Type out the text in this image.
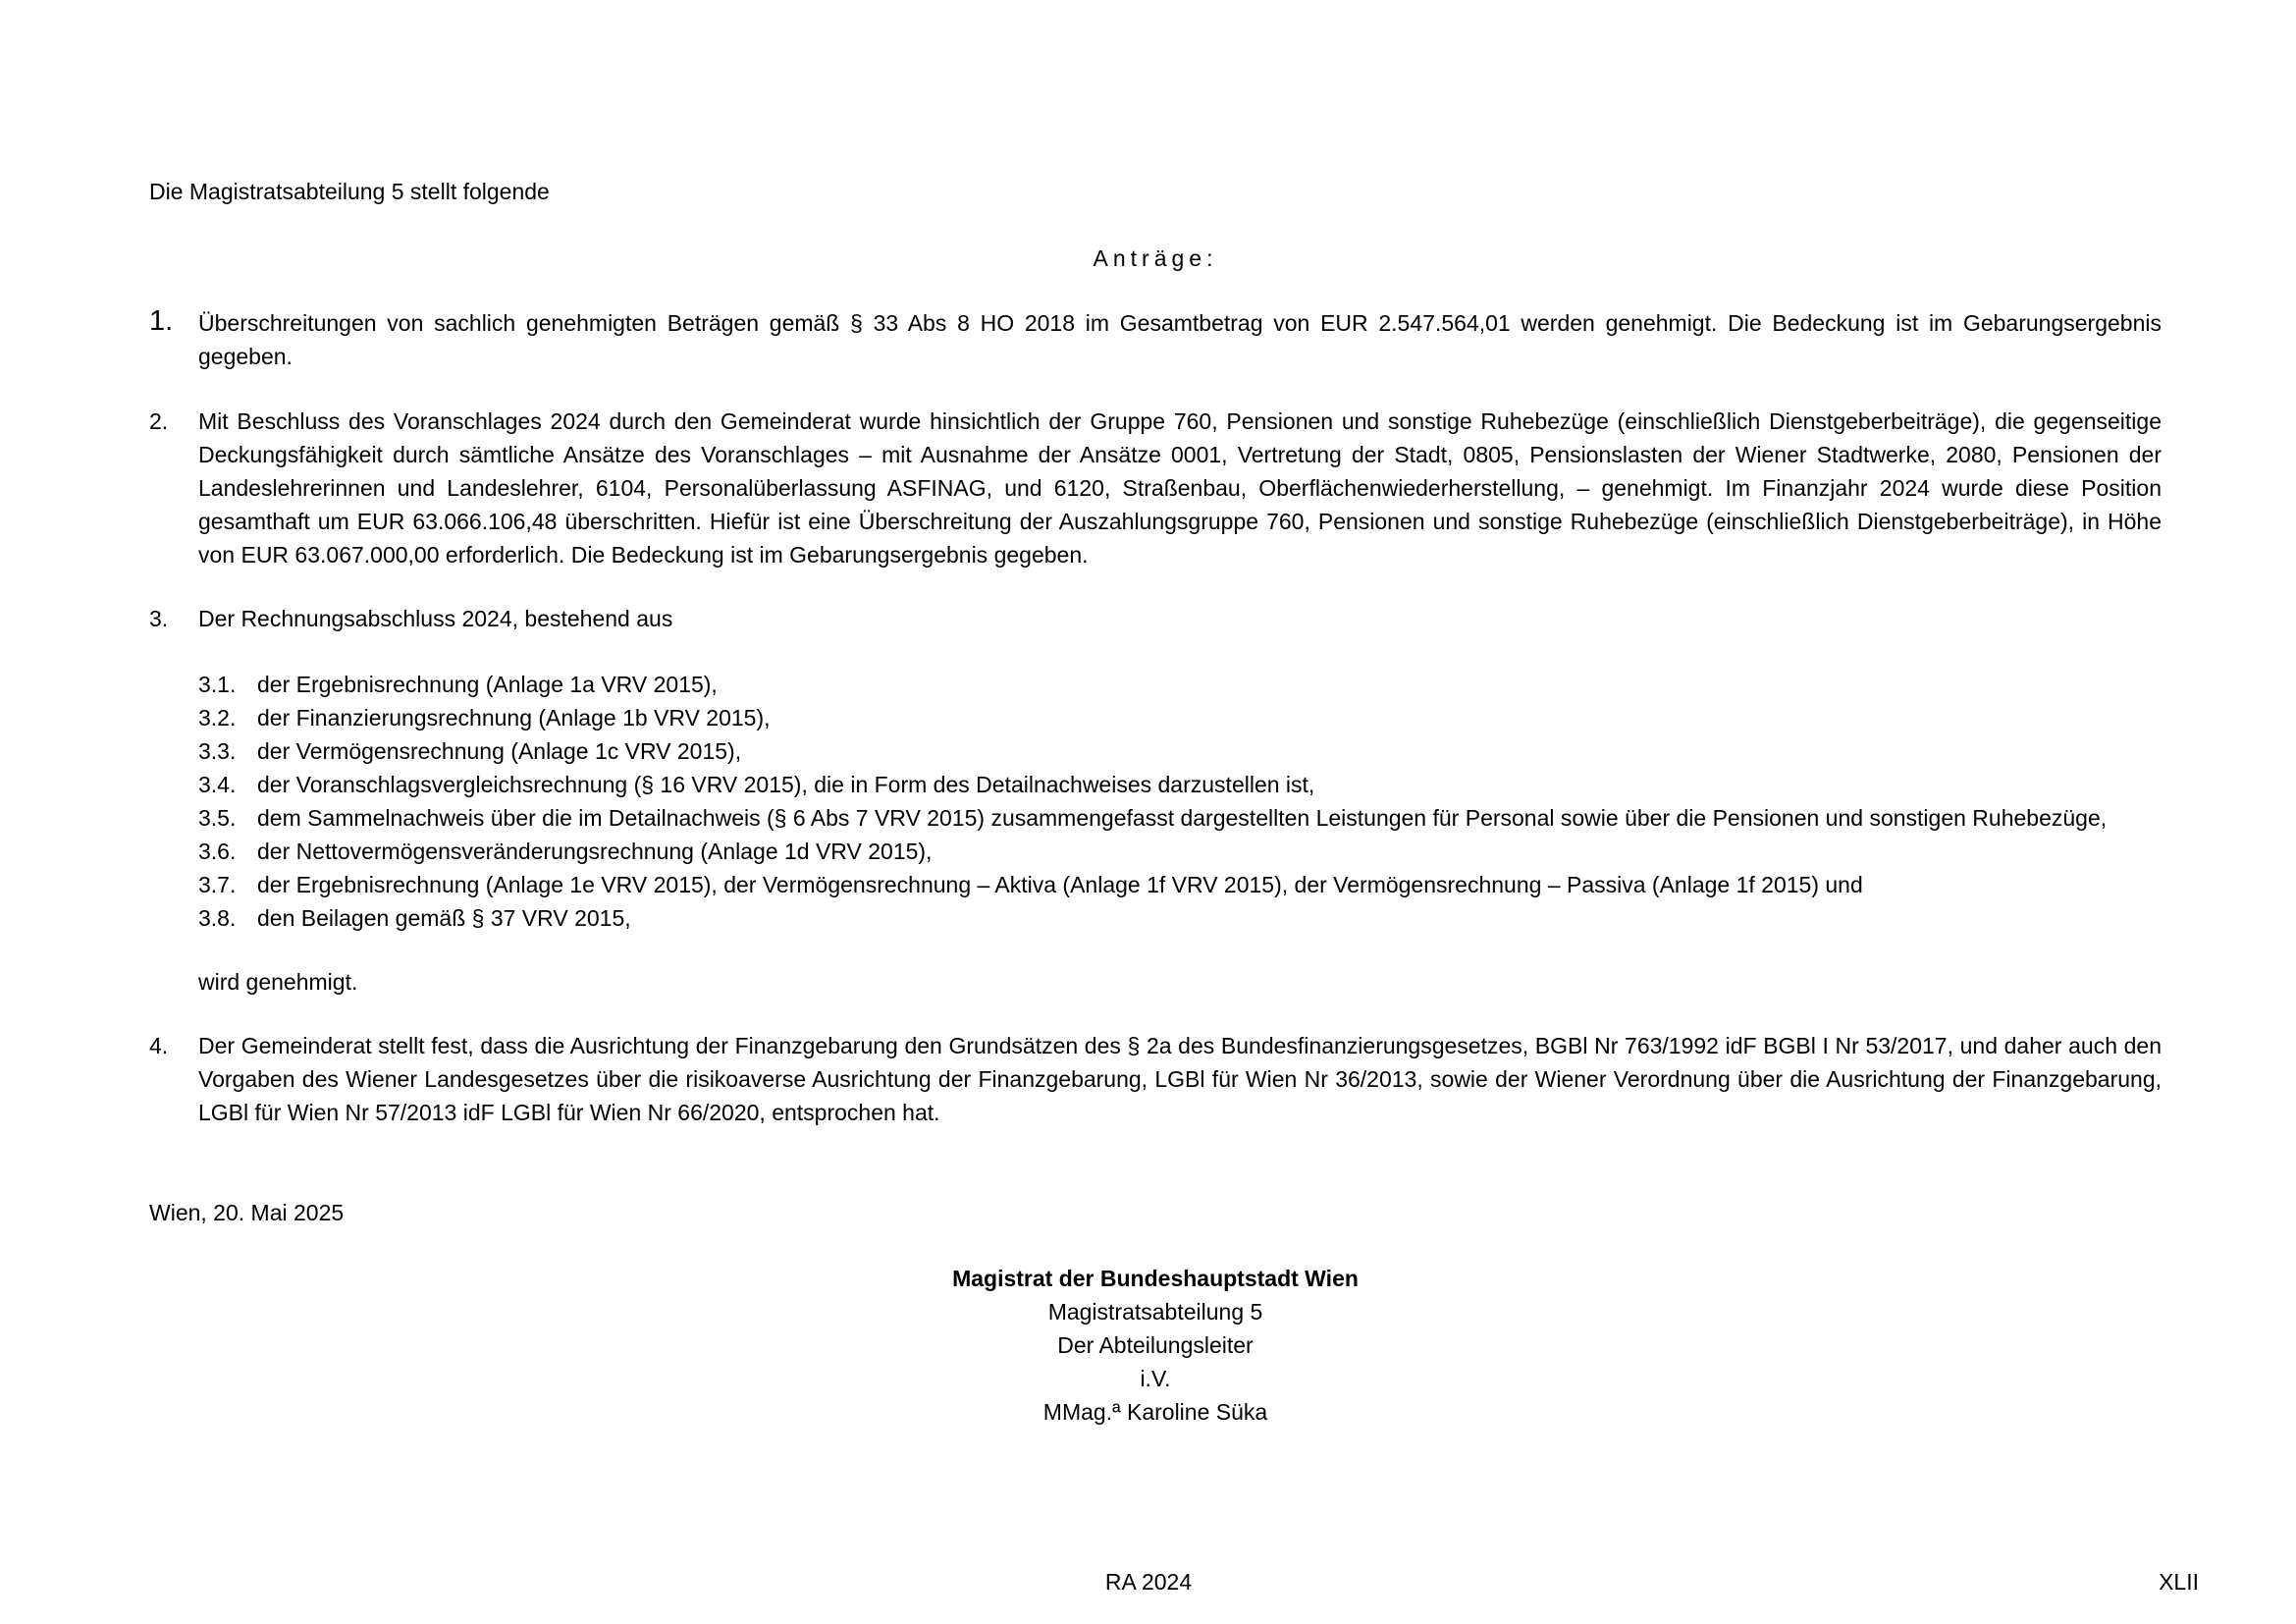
Die Magistratsabteilung 5 stellt folgende
Anträge:
1.	Überschreitungen von sachlich genehmigten Beträgen gemäß § 33 Abs 8 HO 2018 im Gesamtbetrag von EUR 2.547.564,01 werden genehmigt. Die Bedeckung ist im Gebarungsergebnis gegeben.
2.	Mit Beschluss des Voranschlages 2024 durch den Gemeinderat wurde hinsichtlich der Gruppe 760, Pensionen und sonstige Ruhebezüge (einschließlich Dienstgeberbeiträge), die gegenseitige Deckungsfähigkeit durch sämtliche Ansätze des Voranschlages – mit Ausnahme der Ansätze 0001, Vertretung der Stadt, 0805, Pensionslasten der Wiener Stadtwerke, 2080, Pensionen der Landeslehrerinnen und Landeslehrer, 6104, Personalüberlassung ASFINAG, und 6120, Straßenbau, Oberflächenwiederherstellung, – genehmigt. Im Finanzjahr 2024 wurde diese Position gesamthaft um EUR 63.066.106,48 überschritten. Hiefür ist eine Überschreitung der Auszahlungsgruppe 760, Pensionen und sonstige Ruhebezüge (einschließlich Dienstgeberbeiträge), in Höhe von EUR 63.067.000,00 erforderlich. Die Bedeckung ist im Gebarungsergebnis gegeben.
3.	Der Rechnungsabschluss 2024, bestehend aus
3.1. der Ergebnisrechnung (Anlage 1a VRV 2015),
3.2. der Finanzierungsrechnung (Anlage 1b VRV 2015),
3.3. der Vermögensrechnung (Anlage 1c VRV 2015),
3.4. der Voranschlagsvergleichsrechnung (§ 16 VRV 2015), die in Form des Detailnachweises darzustellen ist,
3.5. dem Sammelnachweis über die im Detailnachweis (§ 6 Abs 7 VRV 2015) zusammengefasst dargestellten Leistungen für Personal sowie über die Pensionen und sonstigen Ruhebezüge,
3.6. der Nettovermögensveränderungsrechnung (Anlage 1d VRV 2015),
3.7. der Ergebnisrechnung (Anlage 1e VRV 2015), der Vermögensrechnung – Aktiva (Anlage 1f VRV 2015), der Vermögensrechnung – Passiva (Anlage 1f 2015) und
3.8. den Beilagen gemäß § 37 VRV 2015,
wird genehmigt.
4.	Der Gemeinderat stellt fest, dass die Ausrichtung der Finanzgebarung den Grundsätzen des § 2a des Bundesfinanzierungsgesetzes, BGBl Nr 763/1992 idF BGBl I Nr 53/2017, und daher auch den Vorgaben des Wiener Landesgesetzes über die risikoaverse Ausrichtung der Finanzgebarung, LGBl für Wien Nr 36/2013, sowie der Wiener Verordnung über die Ausrichtung der Finanzgebarung, LGBl für Wien Nr 57/2013 idF LGBl für Wien Nr 66/2020, entsprochen hat.
Wien, 20. Mai 2025
Magistrat der Bundeshauptstadt Wien
Magistratsabteilung 5
Der Abteilungsleiter
i.V.
MMag.ª Karoline Süka
RA 2024	XLII
